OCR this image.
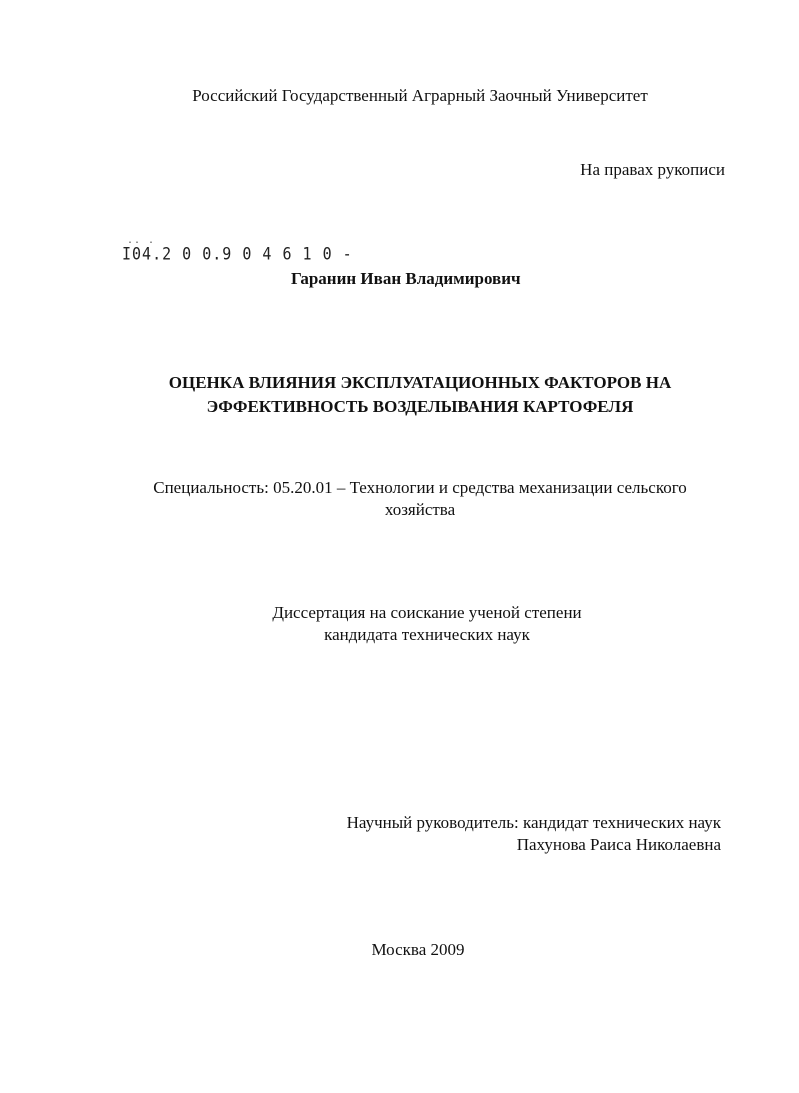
Российский Государственный Аграрный Заочный Университет
На правах рукописи
.. .
I04.2 0 0.9 0 4 6 1 0 -
Гаранин Иван Владимирович
ОЦЕНКА ВЛИЯНИЯ ЭКСПЛУАТАЦИОННЫХ ФАКТОРОВ НА
ЭФФЕКТИВНОСТЬ ВОЗДЕЛЫВАНИЯ КАРТОФЕЛЯ
Специальность: 05.20.01 – Технологии и средства механизации сельского
хозяйства
Диссертация на соискание ученой степени
кандидата технических наук
Научный руководитель: кандидат технических наук
Пахунова Раиса Николаевна
Москва 2009
